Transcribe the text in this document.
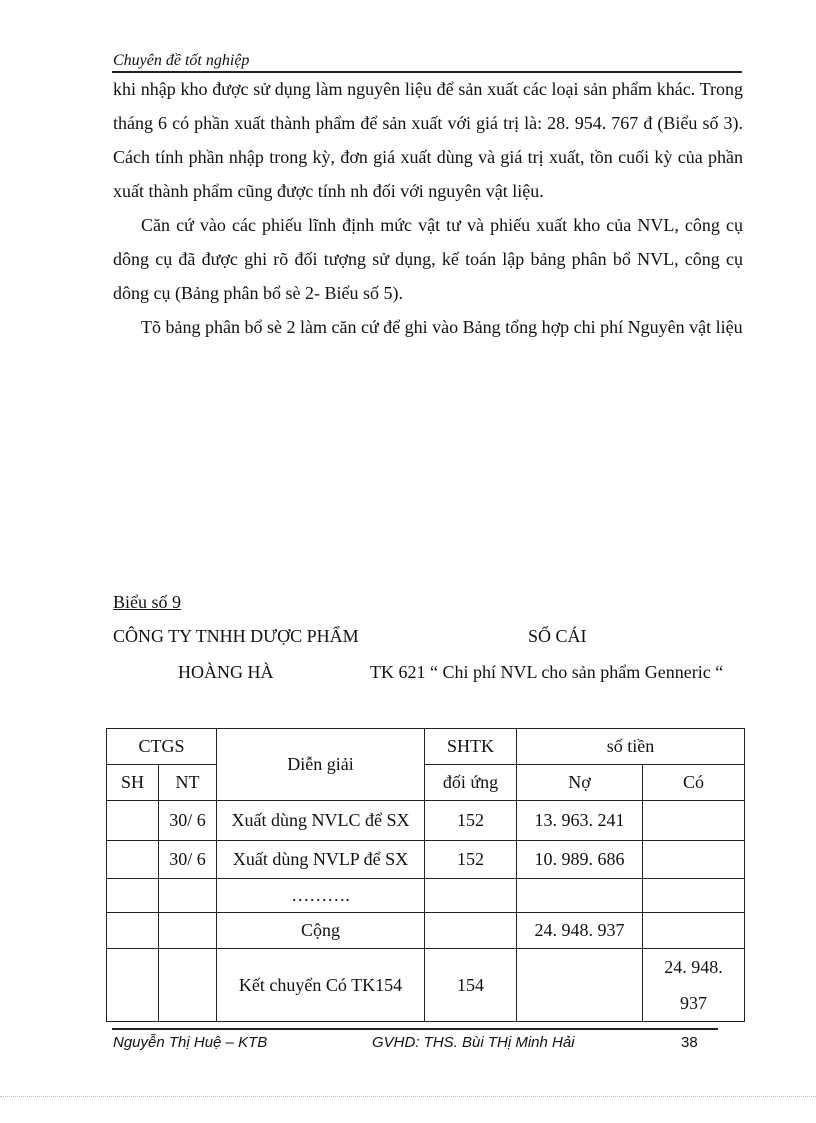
Chuyên đề tốt nghiệp
khi nhập kho được sử dụng làm nguyên liệu để sản xuất các loại sản phẩm khác. Trong tháng 6 có phần xuất thành phẩm để sản xuất với giá trị là: 28. 954. 767 đ (Biểu số 3). Cách tính phần nhập trong kỳ, đơn giá xuất dùng và giá trị xuất, tồn cuối kỳ của phần xuất thành phẩm cũng được tính nh đối với nguyên vật liệu.
Căn cứ vào các phiếu lĩnh định mức vật tư và phiếu xuất kho của NVL, công cụ dông cụ đã được ghi rõ đối tượng sử dụng, kế toán lập bảng phân bổ NVL, công cụ dông cụ (Bảng phân bổ sè 2- Biểu số 5).
Tõ bảng phân bổ sè 2 làm căn cứ để ghi vào Bảng tổng hợp chi phí Nguyên vật liệu
Biểu số 9
CÔNG TY TNHH DƯỢC PHẨM	SỔ CÁI
HOÀNG HÀ	TK 621 “ Chi phí NVL cho sản phẩm Genneric “
CTGS		Diễn giải	SHTK	số tiền	
SH	NT		đối ứng	Nợ	Có
	30/ 6	Xuất dùng NVLC để SX	152	13. 963. 241	
	30/ 6	Xuất dùng NVLP để SX	152	10. 989. 686	
		……….			
		Cộng		24. 948. 937	
		Kết chuyển Có TK154	154		24. 948.
937
Nguyễn Thị Huệ – KTB	GVHD: THS. Bùi THị Minh Hải	38
